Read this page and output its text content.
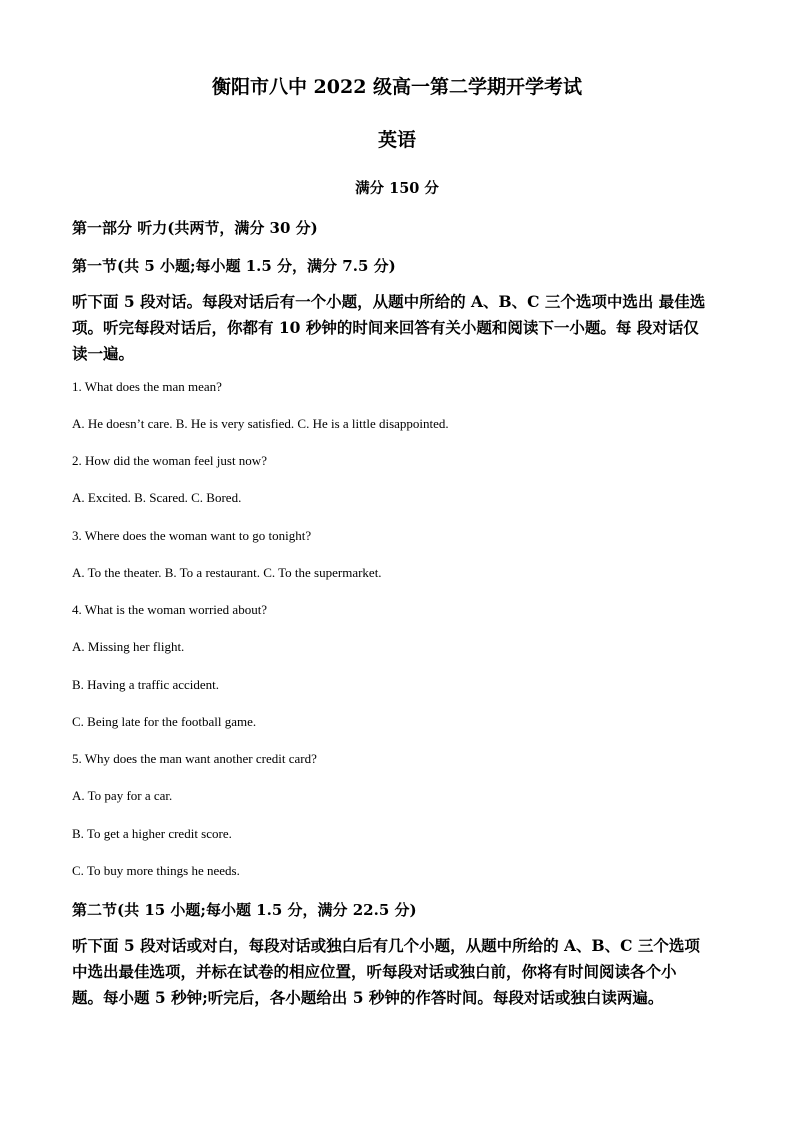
衡阳市八中 2022 级高一第二学期开学考试
英语
满分 150 分
第一部分 听力(共两节，满分 30 分)
第一节(共 5 小题;每小题 1.5 分，满分 7.5 分)
听下面 5 段对话。每段对话后有一个小题，从题中所给的 A、B、C 三个选项中选出 最佳选
项。听完每段对话后，你都有 10 秒钟的时间来回答有关小题和阅读下一小题。每 段对话仅
读一遍。
1. What does the man mean?
A. He doesn’t care. B. He is very satisfied. C. He is a little disappointed.
2. How did the woman feel just now?
A. Excited. B. Scared. C. Bored.
3. Where does the woman want to go tonight?
A. To the theater. B. To a restaurant. C. To the supermarket.
4. What is the woman worried about?
A. Missing her flight.
B. Having a traffic accident.
C. Being late for the football game.
5. Why does the man want another credit card?
A. To pay for a car.
B. To get a higher credit score.
C. To buy more things he needs.
第二节(共 15 小题;每小题 1.5 分，满分 22.5 分)
听下面 5 段对话或对白，每段对话或独白后有几个小题，从题中所给的 A、B、C 三个选项
中选出最佳选项，并标在试卷的相应位置，听每段对话或独白前，你将有时间阅读各个小
题。每小题 5 秒钟;听完后，各小题给出 5 秒钟的作答时间。每段对话或独白读两遍。
